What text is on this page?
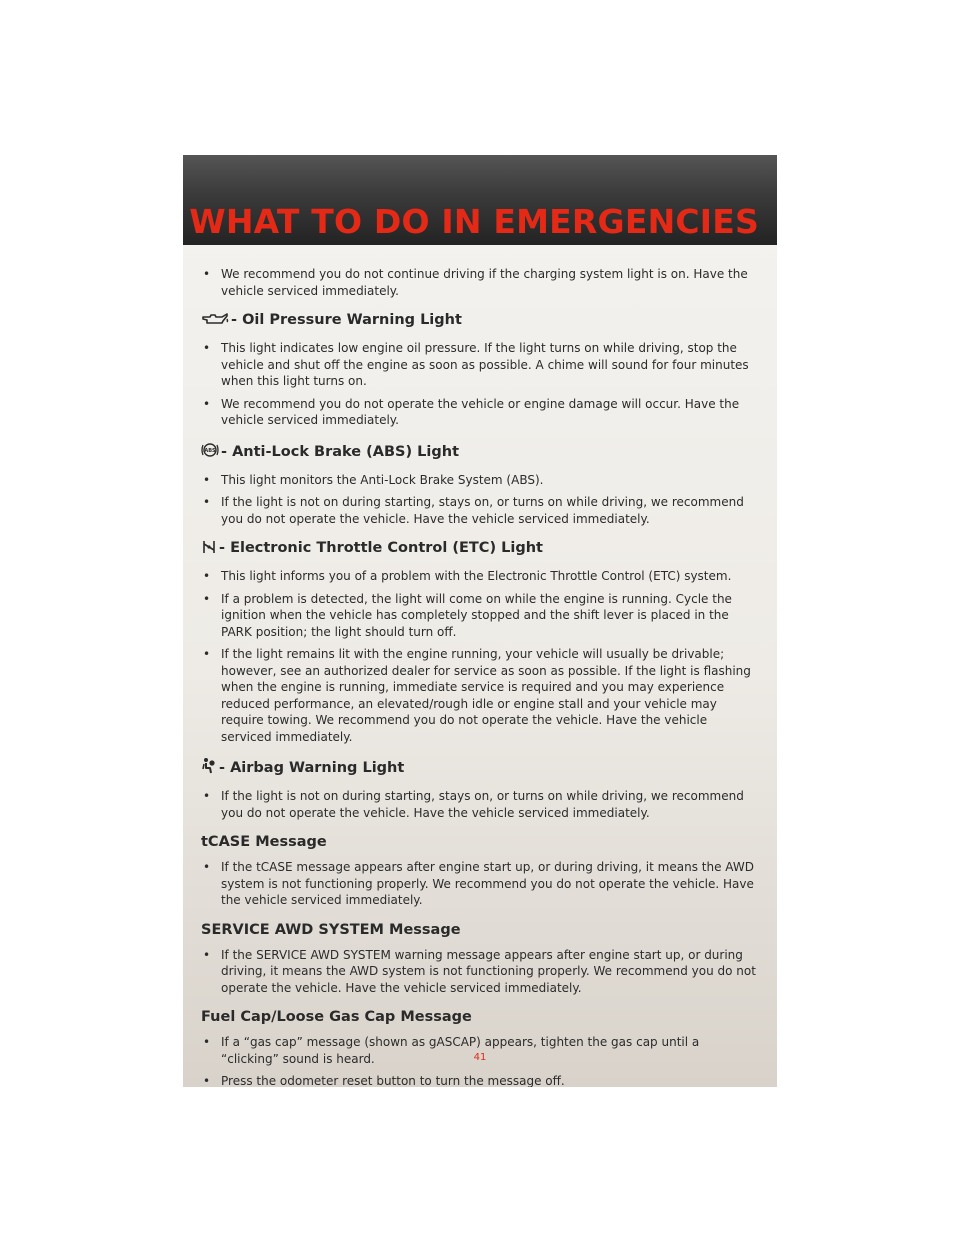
WHAT TO DO IN EMERGENCIES
• We recommend you do not continue driving if the charging system light is on. Have the vehicle serviced immediately.
- Oil Pressure Warning Light
• This light indicates low engine oil pressure. If the light turns on while driving, stop the vehicle and shut off the engine as soon as possible. A chime will sound for four minutes when this light turns on.
• We recommend you do not operate the vehicle or engine damage will occur. Have the vehicle serviced immediately.
ABS - Anti-Lock Brake (ABS) Light
• This light monitors the Anti-Lock Brake System (ABS).
• If the light is not on during starting, stays on, or turns on while driving, we recommend you do not operate the vehicle. Have the vehicle serviced immediately.
- Electronic Throttle Control (ETC) Light
• This light informs you of a problem with the Electronic Throttle Control (ETC) system.
• If a problem is detected, the light will come on while the engine is running. Cycle the ignition when the vehicle has completely stopped and the shift lever is placed in the PARK position; the light should turn off.
• If the light remains lit with the engine running, your vehicle will usually be drivable; however, see an authorized dealer for service as soon as possible. If the light is flashing when the engine is running, immediate service is required and you may experience reduced performance, an elevated/rough idle or engine stall and your vehicle may require towing. We recommend you do not operate the vehicle. Have the vehicle serviced immediately.
- Airbag Warning Light
• If the light is not on during starting, stays on, or turns on while driving, we recommend you do not operate the vehicle. Have the vehicle serviced immediately.
tCASE Message
• If the tCASE message appears after engine start up, or during driving, it means the AWD system is not functioning properly. We recommend you do not operate the vehicle. Have the vehicle serviced immediately.
SERVICE AWD SYSTEM Message
• If the SERVICE AWD SYSTEM warning message appears after engine start up, or during driving, it means the AWD system is not functioning properly. We recommend you do not operate the vehicle. Have the vehicle serviced immediately.
Fuel Cap/Loose Gas Cap Message
• If a “gas cap” message (shown as gASCAP) appears, tighten the gas cap until a “clicking” sound is heard.
• Press the odometer reset button to turn the message off.
41
